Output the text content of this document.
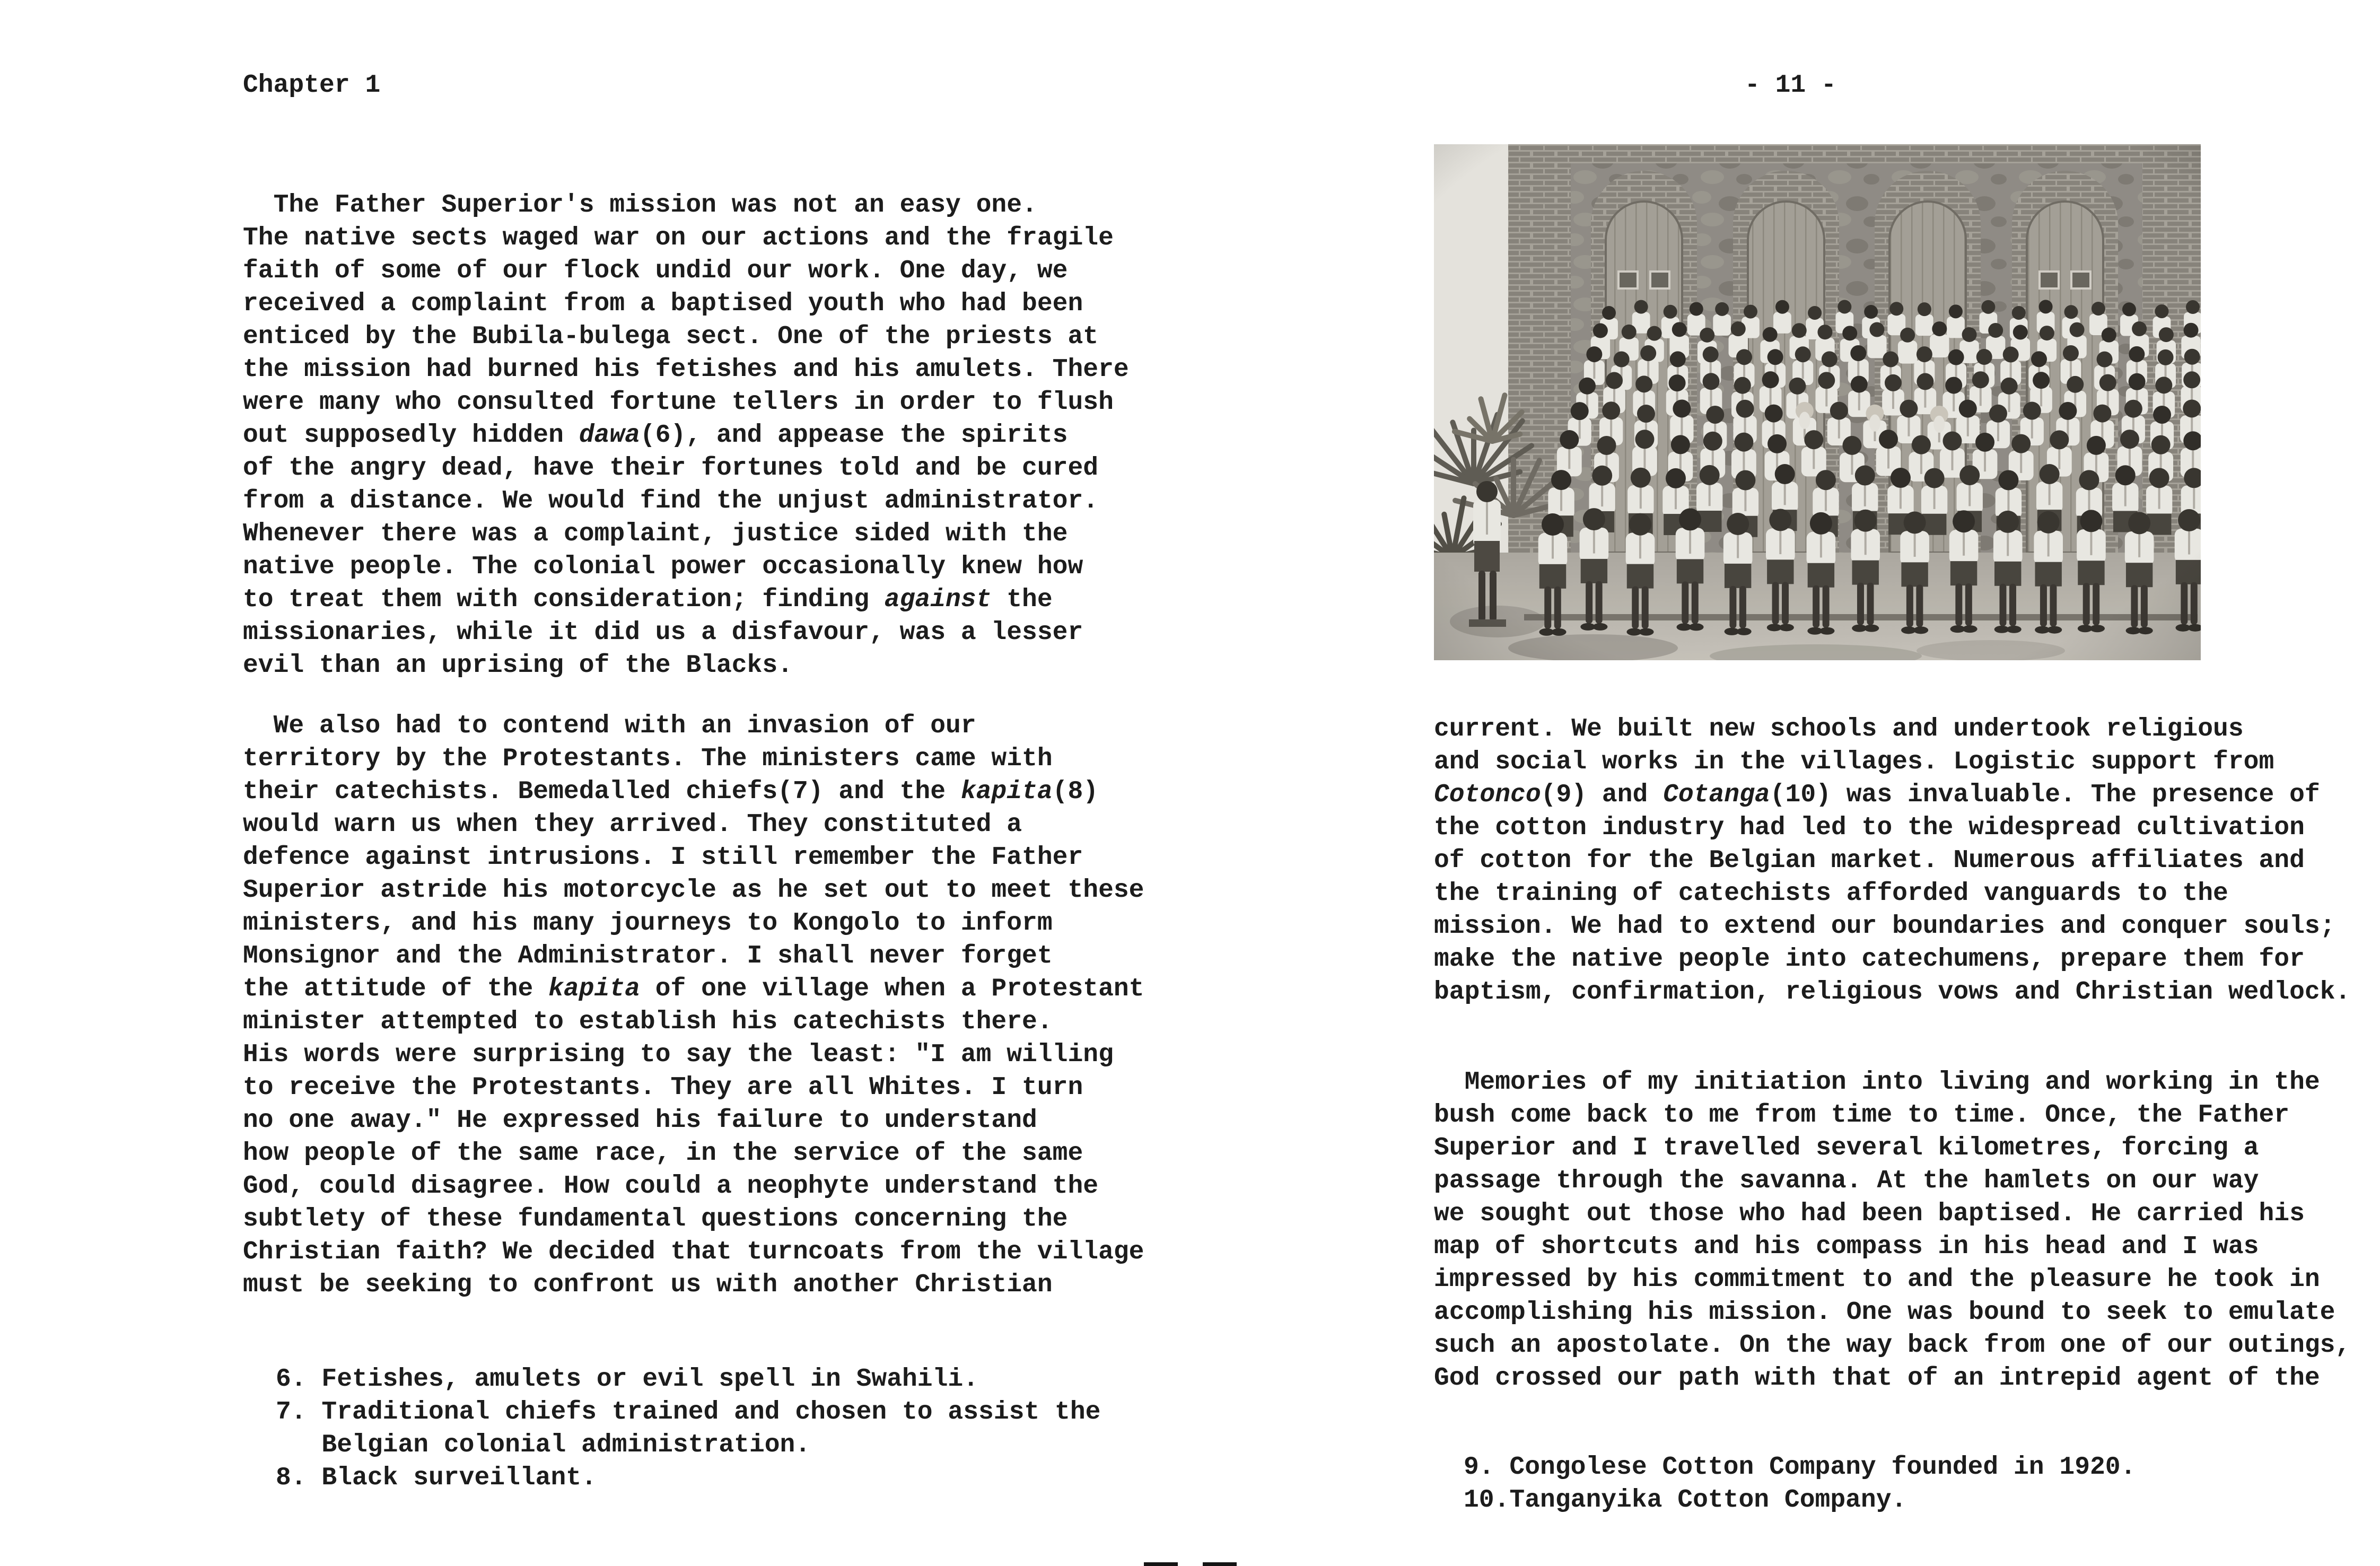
Chapter 1	- 11 -
The Father Superior's mission was not an easy one.
The native sects waged war on our actions and the fragile
faith of some of our flock undid our work. One day, we
received a complaint from a baptised youth who had been
enticed by the Bubila-bulega sect. One of the priests at
the mission had burned his fetishes and his amulets. There
were many who consulted fortune tellers in order to flush
out supposedly hidden dawa(6), and appease the spirits
of the angry dead, have their fortunes told and be cured
from a distance. We would find the unjust administrator.
Whenever there was a complaint, justice sided with the
native people. The colonial power occasionally knew how
to treat them with consideration; finding against the
missionaries, while it did us a disfavour, was a lesser
evil than an uprising of the Blacks.
We also had to contend with an invasion of our
territory by the Protestants. The ministers came with
their catechists. Bemedalled chiefs(7) and the kapita(8)
would warn us when they arrived. They constituted a
defence against intrusions. I still remember the Father
Superior astride his motorcycle as he set out to meet these
ministers, and his many journeys to Kongolo to inform
Monsignor and the Administrator. I shall never forget
the attitude of the kapita of one village when a Protestant
minister attempted to establish his catechists there.
His words were surprising to say the least: "I am willing
to receive the Protestants. They are all Whites. I turn
no one away." He expressed his failure to understand
how people of the same race, in the service of the same
God, could disagree. How could a neophyte understand the
subtlety of these fundamental questions concerning the
Christian faith? We decided that turncoats from the village
must be seeking to confront us with another Christian
6. Fetishes, amulets or evil spell in Swahili.
7. Traditional chiefs trained and chosen to assist the
Belgian colonial administration.
8. Black surveillant.
current. We built new schools and undertook religious
and social works in the villages. Logistic support from
Cotonco(9) and Cotanga(10) was invaluable. The presence of
the cotton industry had led to the widespread cultivation
of cotton for the Belgian market. Numerous affiliates and
the training of catechists afforded vanguards to the
mission. We had to extend our boundaries and conquer souls;
make the native people into catechumens, prepare them for
baptism, confirmation, religious vows and Christian wedlock.
Memories of my initiation into living and working in the
bush come back to me from time to time. Once, the Father
Superior and I travelled several kilometres, forcing a
passage through the savanna. At the hamlets on our way
we sought out those who had been baptised. He carried his
map of shortcuts and his compass in his head and I was
impressed by his commitment to and the pleasure he took in
accomplishing his mission. One was bound to seek to emulate
such an apostolate. On the way back from one of our outings,
God crossed our path with that of an intrepid agent of the
9. Congolese Cotton Company founded in 1920.
10.Tanganyika Cotton Company.
